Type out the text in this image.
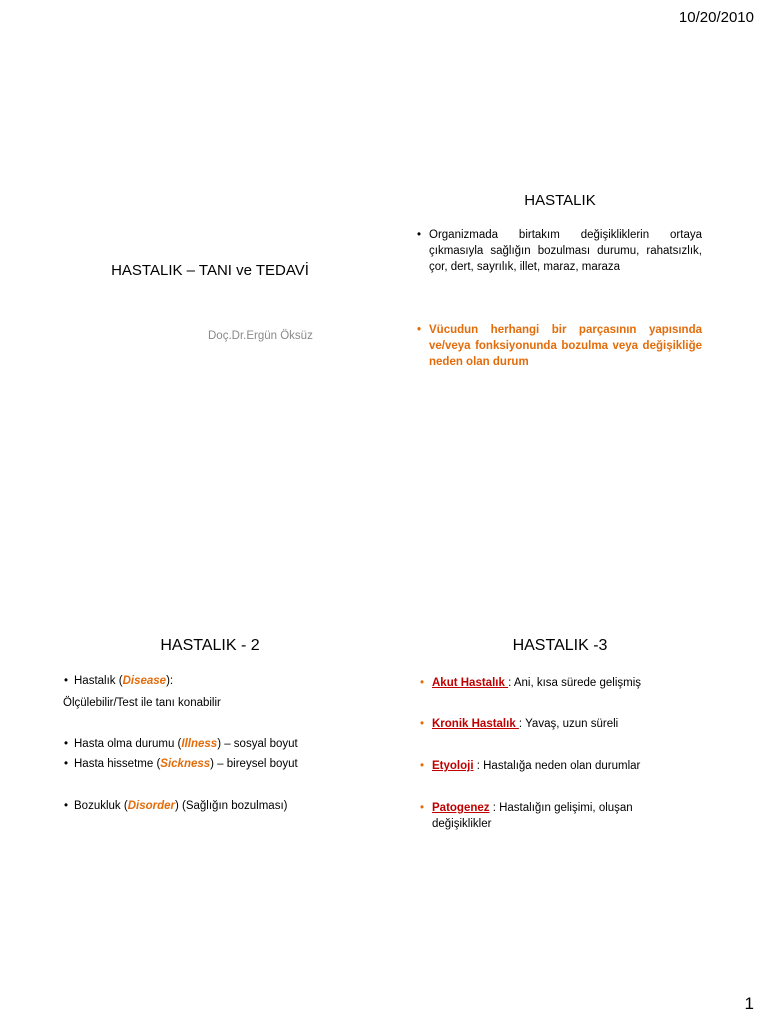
10/20/2010
1
HASTALIK – TANI ve TEDAVİ
Doç.Dr.Ergün Öksüz
HASTALIK
• Organizmada birtakım değişikliklerin ortaya çıkmasıyla sağlığın bozulması durumu, rahatsızlık, çor, dert, sayrılık, illet, maraz, maraza
• Vücudun herhangi bir parçasının yapısında ve/veya fonksiyonunda bozulma veya değişikliğe neden olan durum
HASTALIK - 2
• Hastalık (Disease):
Ölçülebilir/Test ile tanı konabilir
• Hasta olma durumu (Illness) – sosyal boyut
• Hasta hissetme (Sickness) – bireysel boyut
• Bozukluk (Disorder) (Sağlığın bozulması)
HASTALIK -3
• Akut Hastalık : Ani, kısa sürede gelişmiş
• Kronik Hastalık : Yavaş, uzun süreli
• Etyoloji : Hastalığa neden olan durumlar
• Patogenez : Hastalığın gelişimi, oluşan değişiklikler
